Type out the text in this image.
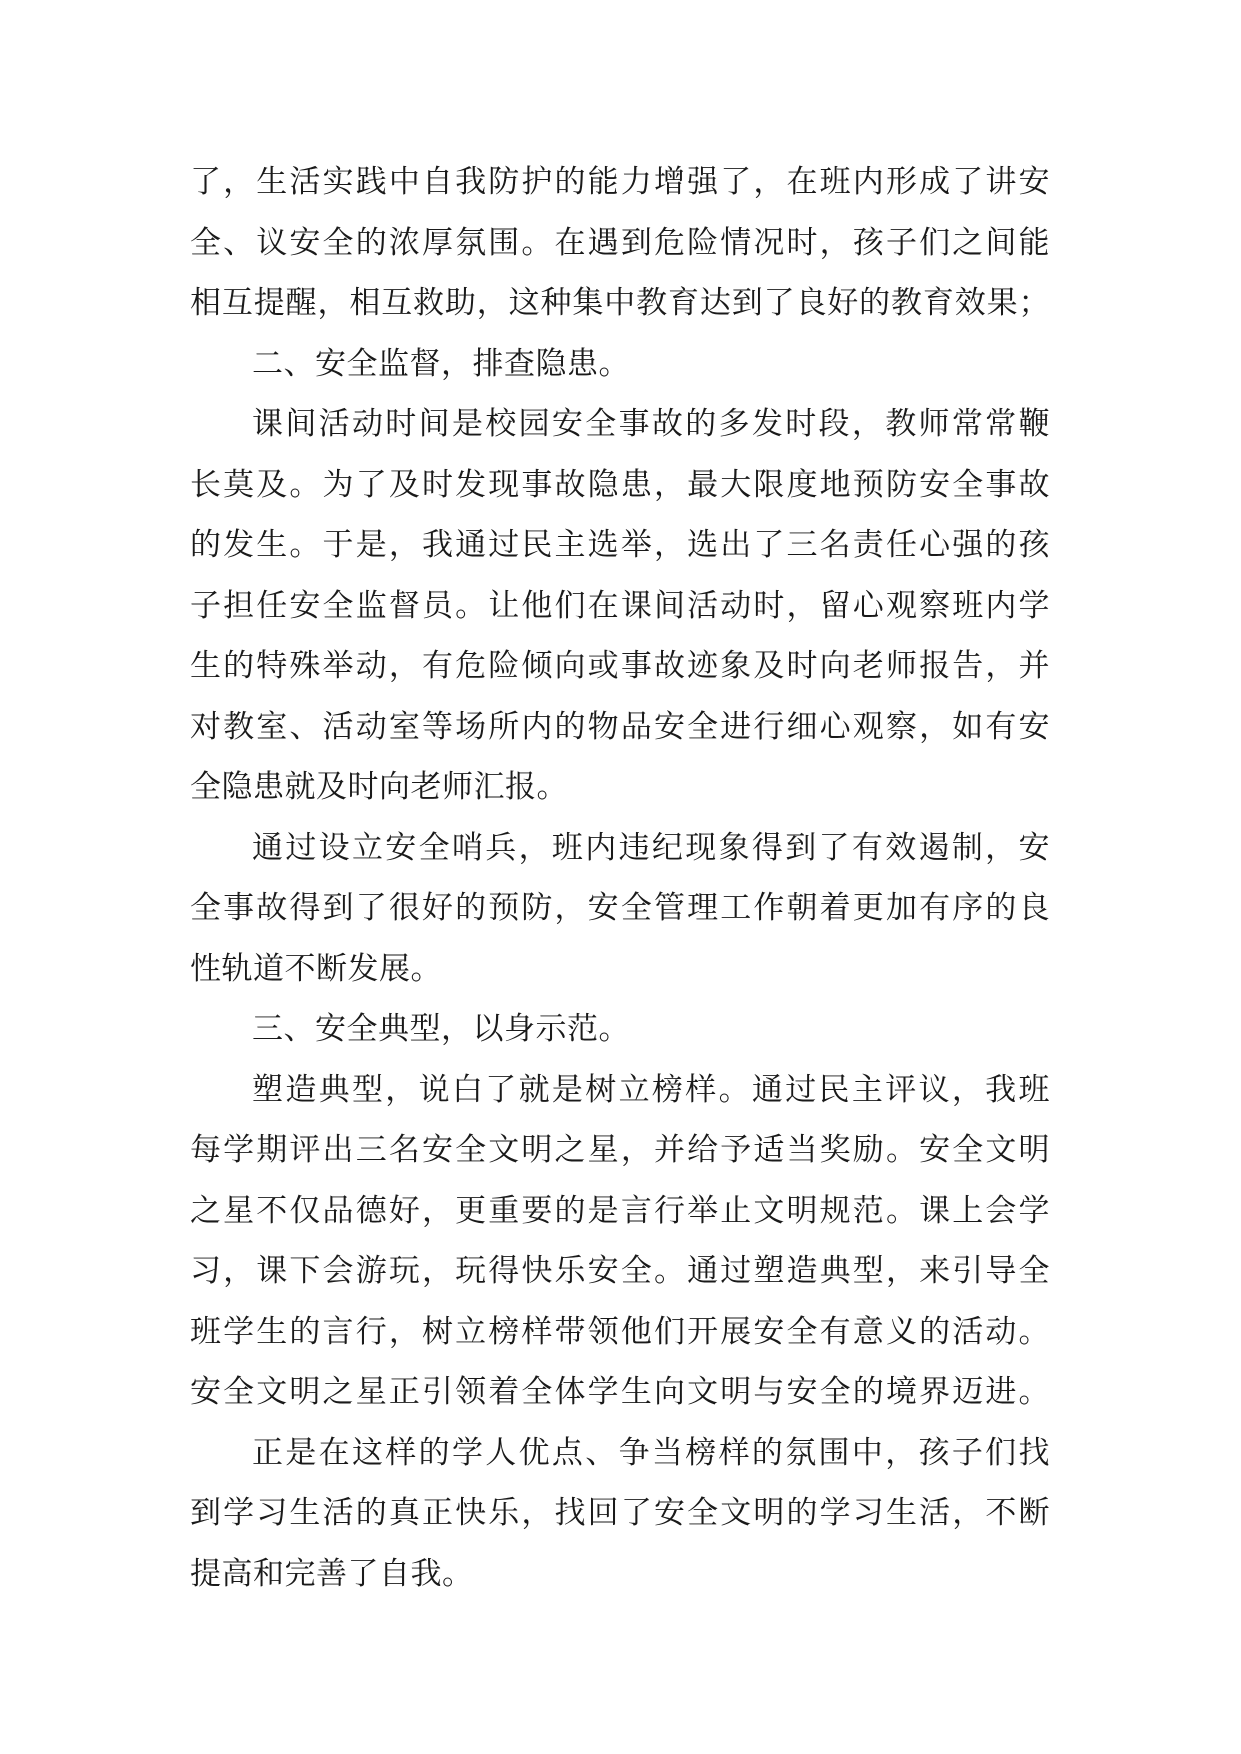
了，生活实践中自我防护的能力增强了，在班内形成了讲安
全、议安全的浓厚氛围。在遇到危险情况时，孩子们之间能
相互提醒，相互救助，这种集中教育达到了良好的教育效果；
二、安全监督，排查隐患。
课间活动时间是校园安全事故的多发时段，教师常常鞭
长莫及。为了及时发现事故隐患，最大限度地预防安全事故
的发生。于是，我通过民主选举，选出了三名责任心强的孩
子担任安全监督员。让他们在课间活动时，留心观察班内学
生的特殊举动，有危险倾向或事故迹象及时向老师报告，并
对教室、活动室等场所内的物品安全进行细心观察，如有安
全隐患就及时向老师汇报。
通过设立安全哨兵，班内违纪现象得到了有效遏制，安
全事故得到了很好的预防，安全管理工作朝着更加有序的良
性轨道不断发展。
三、安全典型，以身示范。
塑造典型，说白了就是树立榜样。通过民主评议，我班
每学期评出三名安全文明之星，并给予适当奖励。安全文明
之星不仅品德好，更重要的是言行举止文明规范。课上会学
习，课下会游玩，玩得快乐安全。通过塑造典型，来引导全
班学生的言行，树立榜样带领他们开展安全有意义的活动。
安全文明之星正引领着全体学生向文明与安全的境界迈进。
正是在这样的学人优点、争当榜样的氛围中，孩子们找
到学习生活的真正快乐，找回了安全文明的学习生活，不断
提高和完善了自我。
